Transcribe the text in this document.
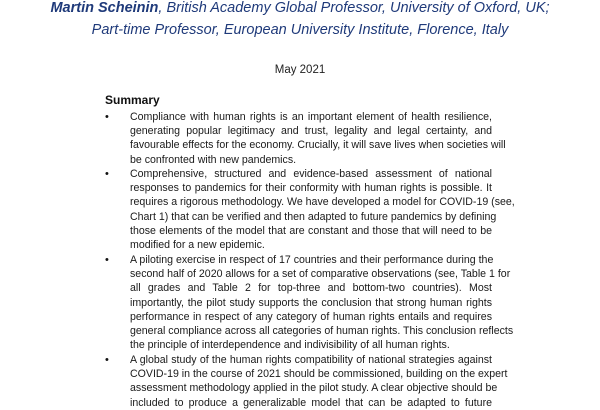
Martin Scheinin, British Academy Global Professor, University of Oxford, UK;
Part-time Professor, European University Institute, Florence, Italy
May 2021
Summary
•	Compliance with human rights is an important element of health resilience,
generating popular legitimacy and trust, legality and legal certainty, and
favourable effects for the economy. Crucially, it will save lives when societies will
be confronted with new pandemics.
•	Comprehensive, structured and evidence-based assessment of national
responses to pandemics for their conformity with human rights is possible. It
requires a rigorous methodology. We have developed a model for COVID-19 (see,
Chart 1) that can be verified and then adapted to future pandemics by defining
those elements of the model that are constant and those that will need to be
modified for a new epidemic.
•	A piloting exercise in respect of 17 countries and their performance during the
second half of 2020 allows for a set of comparative observations (see, Table 1 for
all grades and Table 2 for top-three and bottom-two countries). Most
importantly, the pilot study supports the conclusion that strong human rights
performance in respect of any category of human rights entails and requires
general compliance across all categories of human rights. This conclusion reflects
the principle of interdependence and indivisibility of all human rights.
•	A global study of the human rights compatibility of national strategies against
COVID-19 in the course of 2021 should be commissioned, building on the expert
assessment methodology applied in the pilot study. A clear objective should be
included to produce a generalizable model that can be adapted to future
